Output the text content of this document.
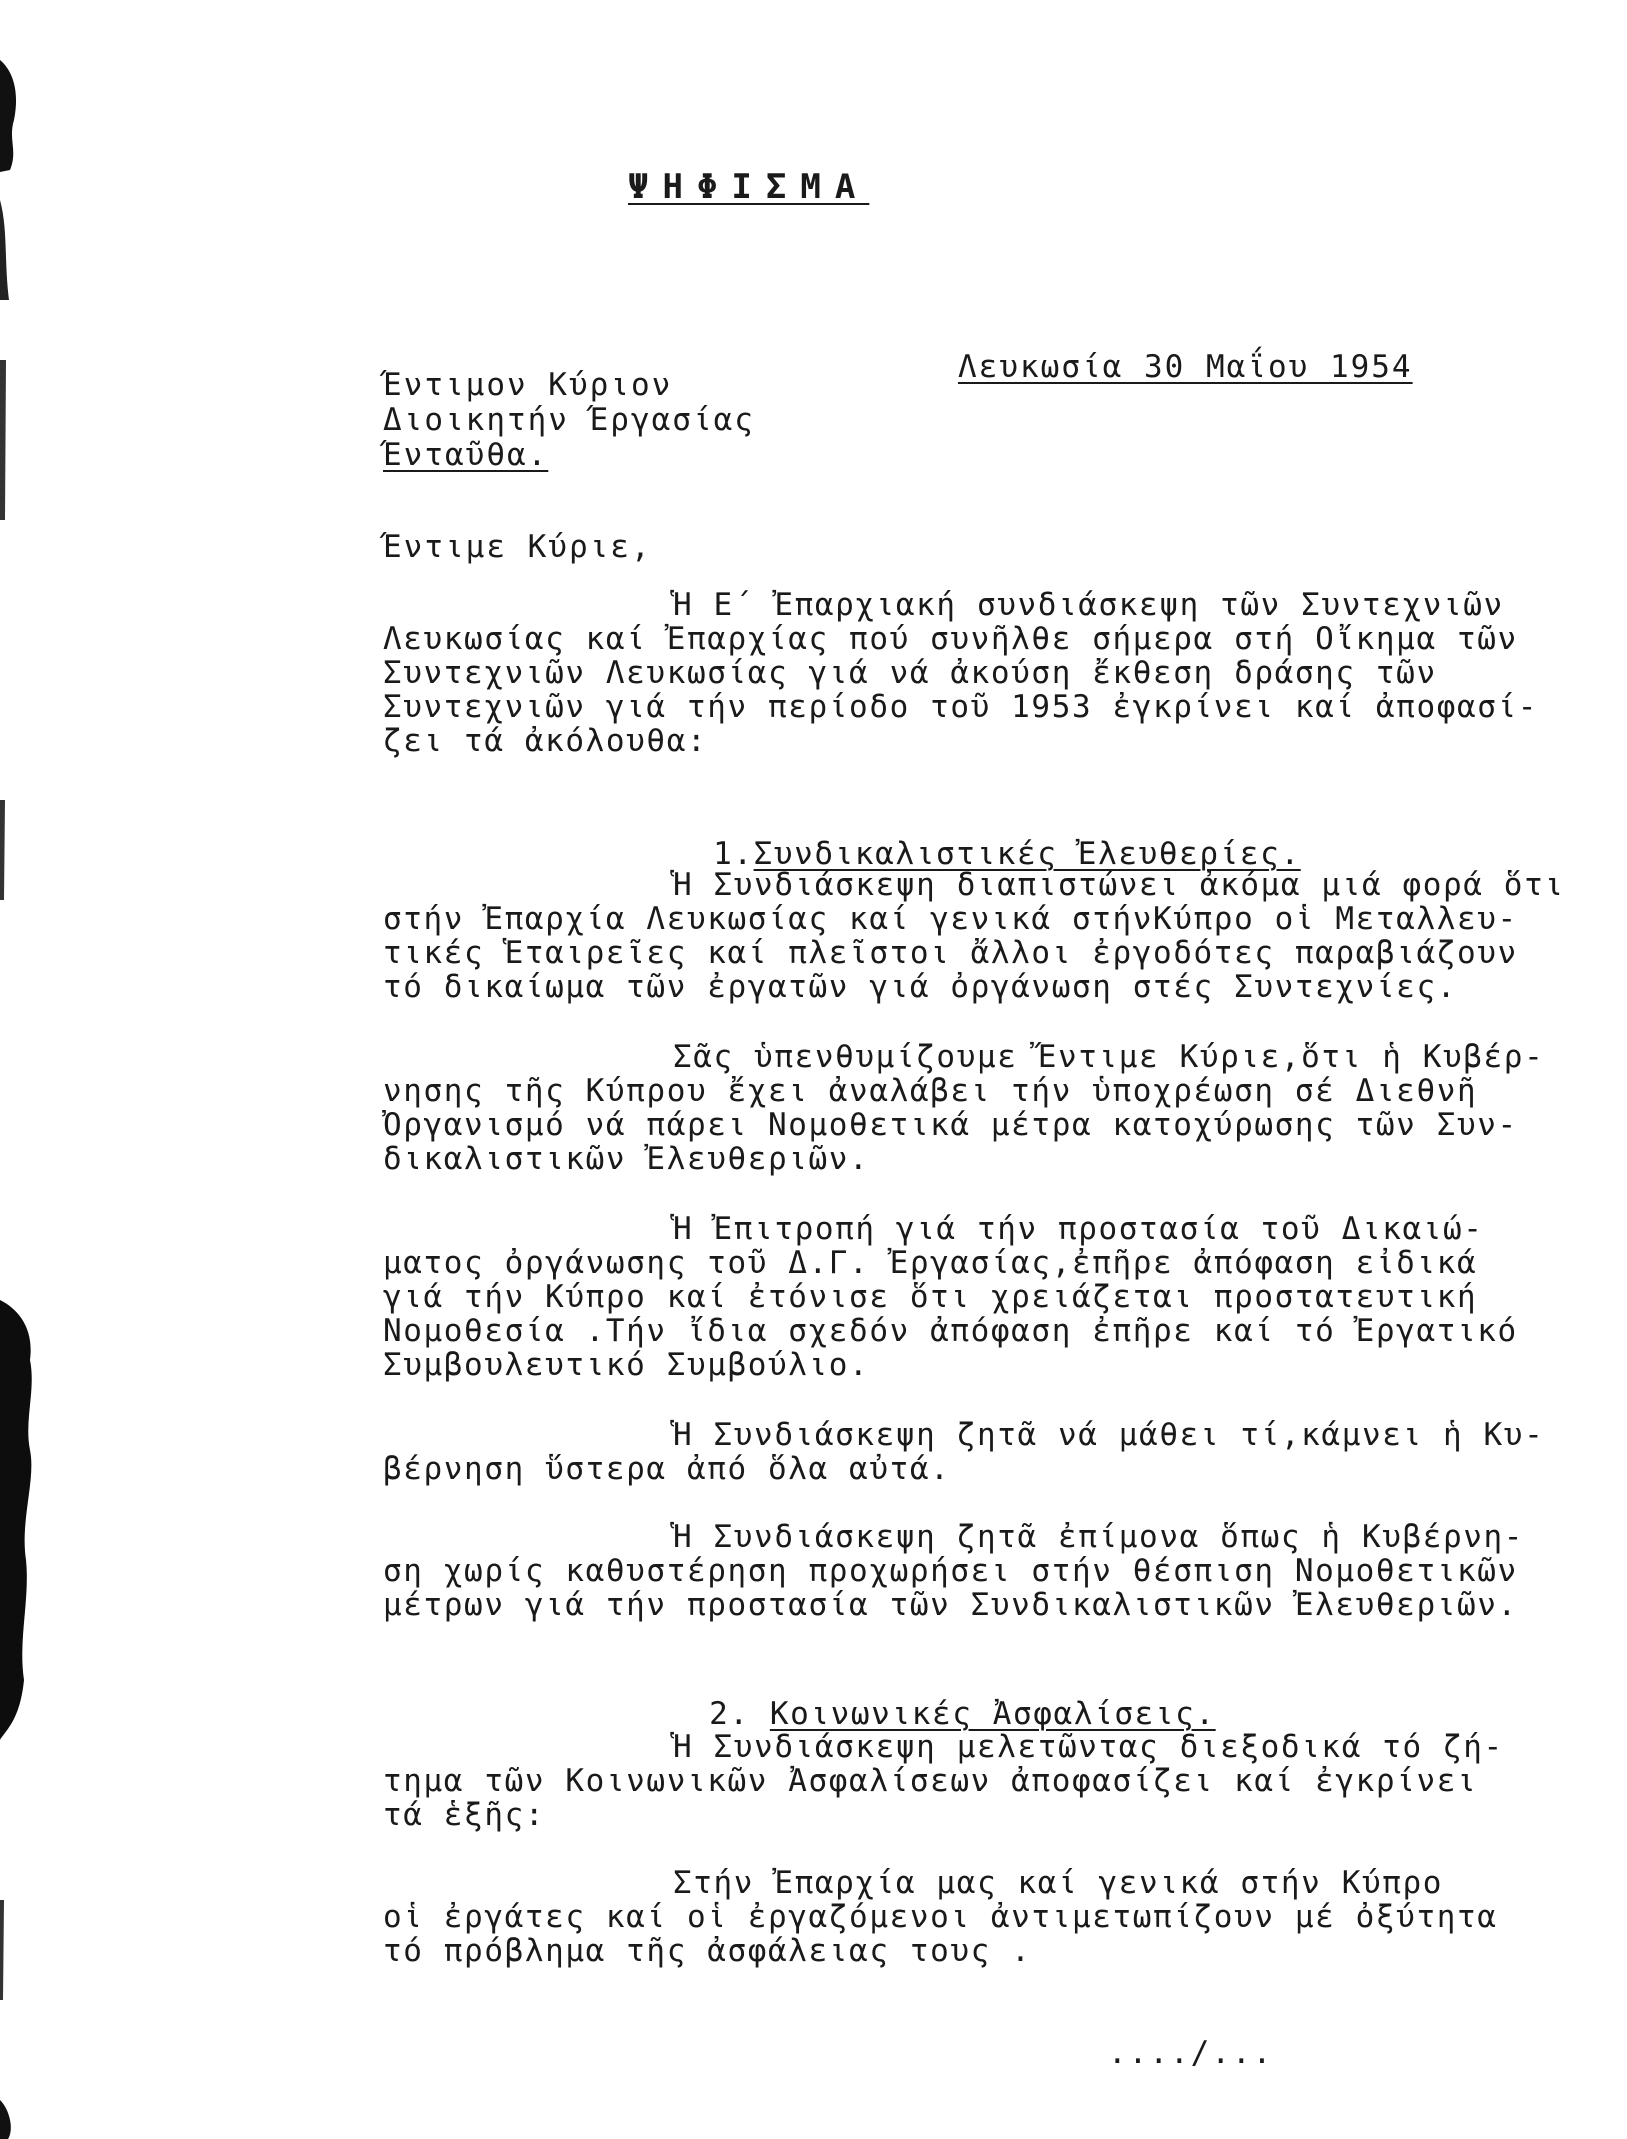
ΨΗΦΙΣΜΑ
Λευκωσία 30 Μαΐου 1954
Έντιμον Κύριον
Διοικητήν Έργασίας
Ένταῦθα.
Έντιμε Κύριε,
Ἡ Ε΄ Ἐπαρχιακή συνδιάσκεψη τῶν Συντεχνιῶν
Λευκωσίας καί Ἐπαρχίας πού συνῆλθε σήμερα στή Οἴκημα τῶν
Συντεχνιῶν Λευκωσίας γιά νά ἀκούση ἔκθεση δράσης τῶν
Συντεχνιῶν γιά τήν περίοδο τοῦ 1953 ἐγκρίνει καί ἀποφασί-
ζει τά ἀκόλουθα:

1.Συνδικαλιστικές Ἐλευθερίες.

Ἡ Συνδιάσκεψη διαπιστώνει ἀκόμα μιά φορά ὅτι
στήν Ἐπαρχία Λευκωσίας καί γενικά στήνΚύπρο οἱ Μεταλλευ-
τικές Ἑταιρεῖες καί πλεῖστοι ἄλλοι ἐργοδότες παραβιάζουν
τό δικαίωμα τῶν ἐργατῶν γιά ὀργάνωση στές Συντεχνίες.
Σᾶς ὑπενθυμίζουμε Ἔντιμε Κύριε,ὅτι ἡ Κυβέρ-
νησης τῆς Κύπρου ἔχει ἀναλάβει τήν ὑποχρέωση σέ Διεθνῆ
Ὀργανισμό νά πάρει Νομοθετικά μέτρα κατοχύρωσης τῶν Συν-
δικαλιστικῶν Ἐλευθεριῶν.
Ἡ Ἐπιτροπή γιά τήν προστασία τοῦ Δικαιώ-
ματος ὀργάνωσης τοῦ Δ.Γ. Ἐργασίας,ἐπῆρε ἀπόφαση εἰδικά
γιά τήν Κύπρο καί ἐτόνισε ὅτι χρειάζεται προστατευτική
Νομοθεσία .Τήν ἴδια σχεδόν ἀπόφαση ἐπῆρε καί τό Ἐργατικό
Συμβουλευτικό Συμβούλιο.
Ἡ Συνδιάσκεψη ζητᾶ νά μάθει τί,κάμνει ἡ Κυ-
βέρνηση ὕστερα ἀπό ὅλα αὐτά.
Ἡ Συνδιάσκεψη ζητᾶ ἐπίμονα ὅπως ἡ Κυβέρνη-
ση χωρίς καθυστέρηση προχωρήσει στήν θέσπιση Νομοθετικῶν
μέτρων γιά τήν προστασία τῶν Συνδικαλιστικῶν Ἐλευθεριῶν.

2. Κοινωνικές Ἀσφαλίσεις.

Ἡ Συνδιάσκεψη μελετῶντας διεξοδικά τό ζή-
τημα τῶν Κοινωνικῶν Ἀσφαλίσεων ἀποφασίζει καί ἐγκρίνει
τά ἑξῆς:
Στήν Ἐπαρχία μας καί γενικά στήν Κύπρο
οἱ ἐργάτες καί οἱ ἐργαζόμενοι ἀντιμετωπίζουν μέ ὀξύτητα
τό πρόβλημα τῆς ἀσφάλειας τους .
..../...
